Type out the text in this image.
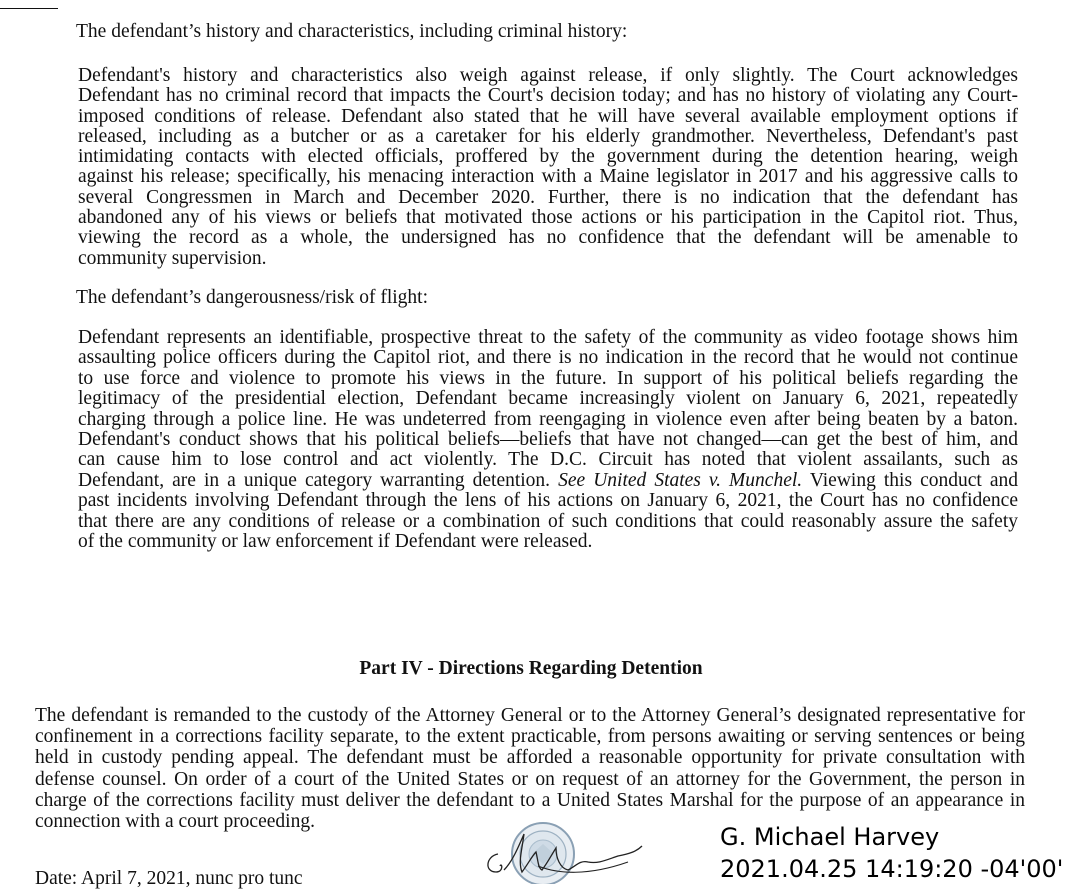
The defendant’s history and characteristics, including criminal history:
Defendant's history and characteristics also weigh against release, if only slightly. The Court acknowledges
Defendant has no criminal record that impacts the Court's decision today; and has no history of violating any Court-
imposed conditions of release. Defendant also stated that he will have several available employment options if
released, including as a butcher or as a caretaker for his elderly grandmother. Nevertheless, Defendant's past
intimidating contacts with elected officials, proffered by the government during the detention hearing, weigh
against his release; specifically, his menacing interaction with a Maine legislator in 2017 and his aggressive calls to
several Congressmen in March and December 2020. Further, there is no indication that the defendant has
abandoned any of his views or beliefs that motivated those actions or his participation in the Capitol riot. Thus,
viewing the record as a whole, the undersigned has no confidence that the defendant will be amenable to
community supervision.
The defendant’s dangerousness/risk of flight:
Defendant represents an identifiable, prospective threat to the safety of the community as video footage shows him
assaulting police officers during the Capitol riot, and there is no indication in the record that he would not continue
to use force and violence to promote his views in the future. In support of his political beliefs regarding the
legitimacy of the presidential election, Defendant became increasingly violent on January 6, 2021, repeatedly
charging through a police line. He was undeterred from reengaging in violence even after being beaten by a baton.
Defendant's conduct shows that his political beliefs—beliefs that have not changed—can get the best of him, and
can cause him to lose control and act violently. The D.C. Circuit has noted that violent assailants, such as
Defendant, are in a unique category warranting detention. See United States v. Munchel. Viewing this conduct and
past incidents involving Defendant through the lens of his actions on January 6, 2021, the Court has no confidence
that there are any conditions of release or a combination of such conditions that could reasonably assure the safety
of the community or law enforcement if Defendant were released.
Part IV - Directions Regarding Detention
The defendant is remanded to the custody of the Attorney General or to the Attorney General’s designated representative for
confinement in a corrections facility separate, to the extent practicable, from persons awaiting or serving sentences or being
held in custody pending appeal. The defendant must be afforded a reasonable opportunity for private consultation with
defense counsel. On order of a court of the United States or on request of an attorney for the Government, the person in
charge of the corrections facility must deliver the defendant to a United States Marshal for the purpose of an appearance in
connection with a court proceeding.
Date: April 7, 2021, nunc pro tunc
G. Michael Harvey
2021.04.25 14:19:20 -04'00'
